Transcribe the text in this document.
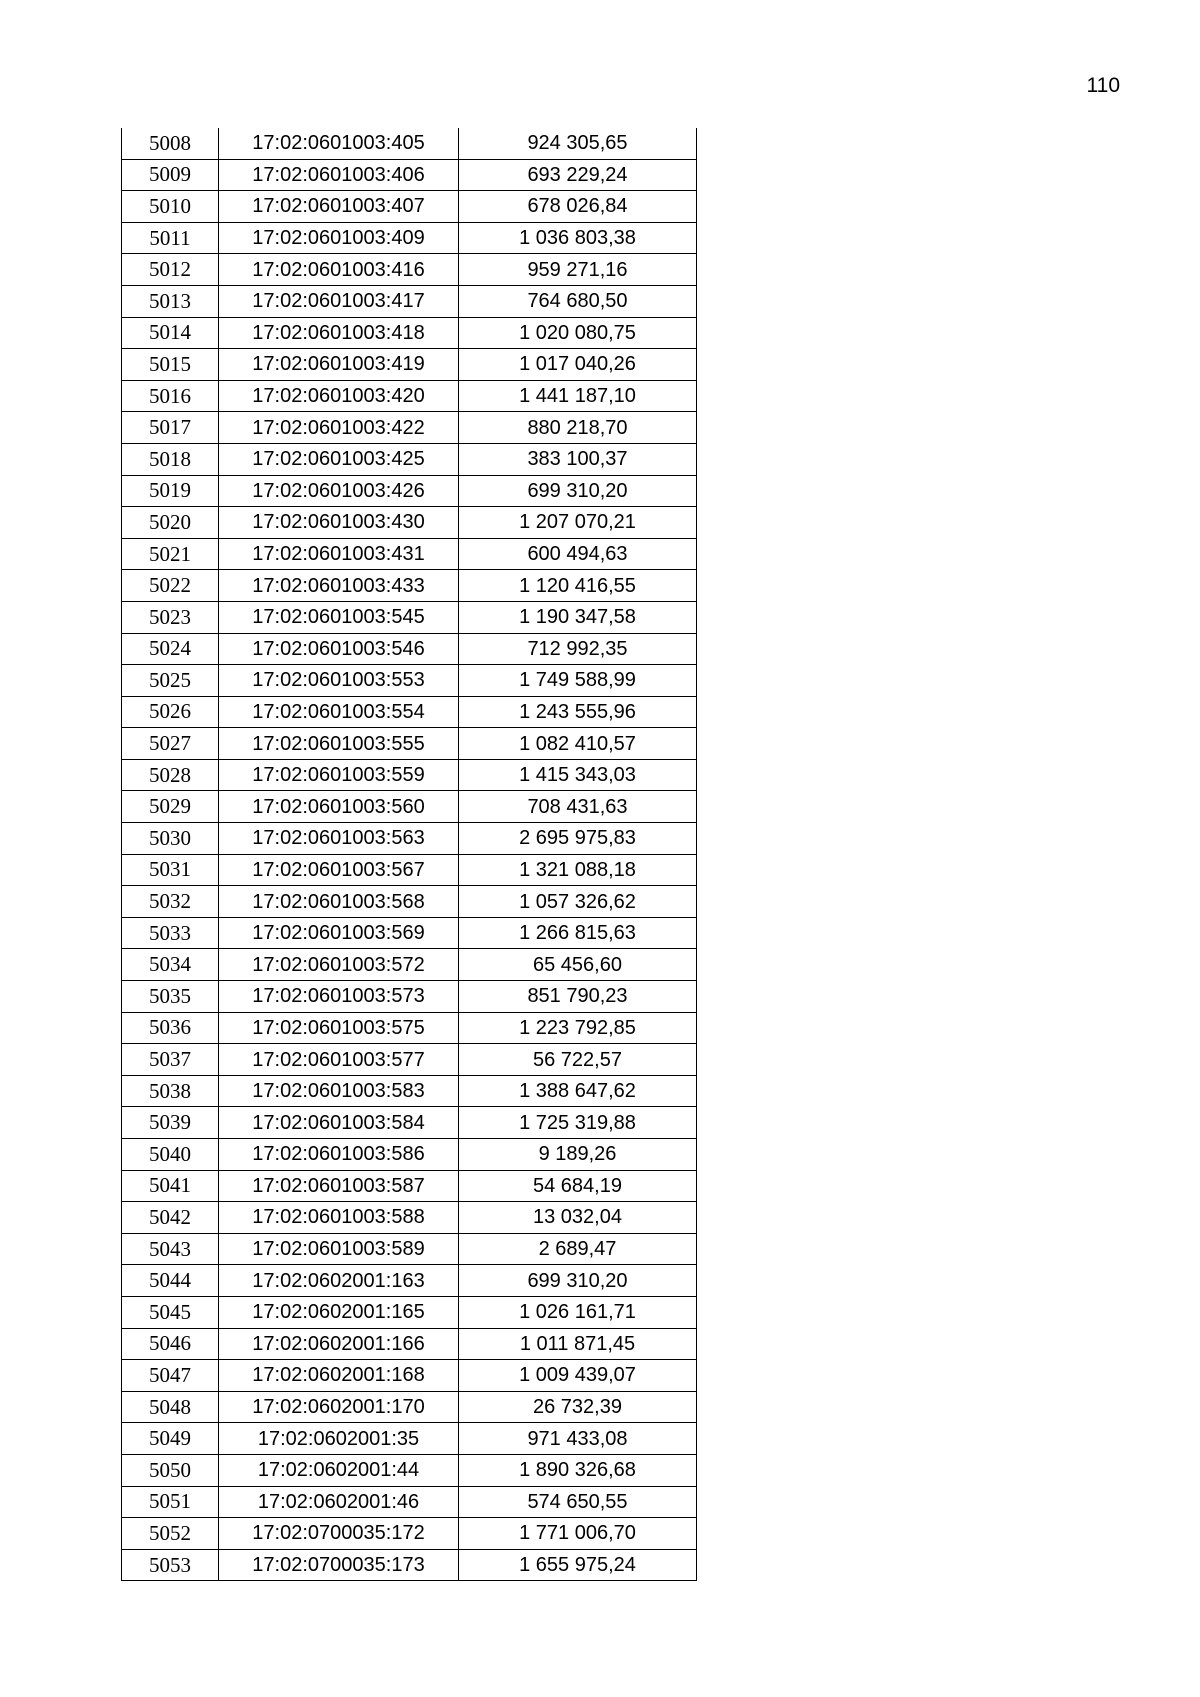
110
5008	17:02:0601003:405	924 305,65
5009	17:02:0601003:406	693 229,24
5010	17:02:0601003:407	678 026,84
5011	17:02:0601003:409	1 036 803,38
5012	17:02:0601003:416	959 271,16
5013	17:02:0601003:417	764 680,50
5014	17:02:0601003:418	1 020 080,75
5015	17:02:0601003:419	1 017 040,26
5016	17:02:0601003:420	1 441 187,10
5017	17:02:0601003:422	880 218,70
5018	17:02:0601003:425	383 100,37
5019	17:02:0601003:426	699 310,20
5020	17:02:0601003:430	1 207 070,21
5021	17:02:0601003:431	600 494,63
5022	17:02:0601003:433	1 120 416,55
5023	17:02:0601003:545	1 190 347,58
5024	17:02:0601003:546	712 992,35
5025	17:02:0601003:553	1 749 588,99
5026	17:02:0601003:554	1 243 555,96
5027	17:02:0601003:555	1 082 410,57
5028	17:02:0601003:559	1 415 343,03
5029	17:02:0601003:560	708 431,63
5030	17:02:0601003:563	2 695 975,83
5031	17:02:0601003:567	1 321 088,18
5032	17:02:0601003:568	1 057 326,62
5033	17:02:0601003:569	1 266 815,63
5034	17:02:0601003:572	65 456,60
5035	17:02:0601003:573	851 790,23
5036	17:02:0601003:575	1 223 792,85
5037	17:02:0601003:577	56 722,57
5038	17:02:0601003:583	1 388 647,62
5039	17:02:0601003:584	1 725 319,88
5040	17:02:0601003:586	9 189,26
5041	17:02:0601003:587	54 684,19
5042	17:02:0601003:588	13 032,04
5043	17:02:0601003:589	2 689,47
5044	17:02:0602001:163	699 310,20
5045	17:02:0602001:165	1 026 161,71
5046	17:02:0602001:166	1 011 871,45
5047	17:02:0602001:168	1 009 439,07
5048	17:02:0602001:170	26 732,39
5049	17:02:0602001:35	971 433,08
5050	17:02:0602001:44	1 890 326,68
5051	17:02:0602001:46	574 650,55
5052	17:02:0700035:172	1 771 006,70
5053	17:02:0700035:173	1 655 975,24
